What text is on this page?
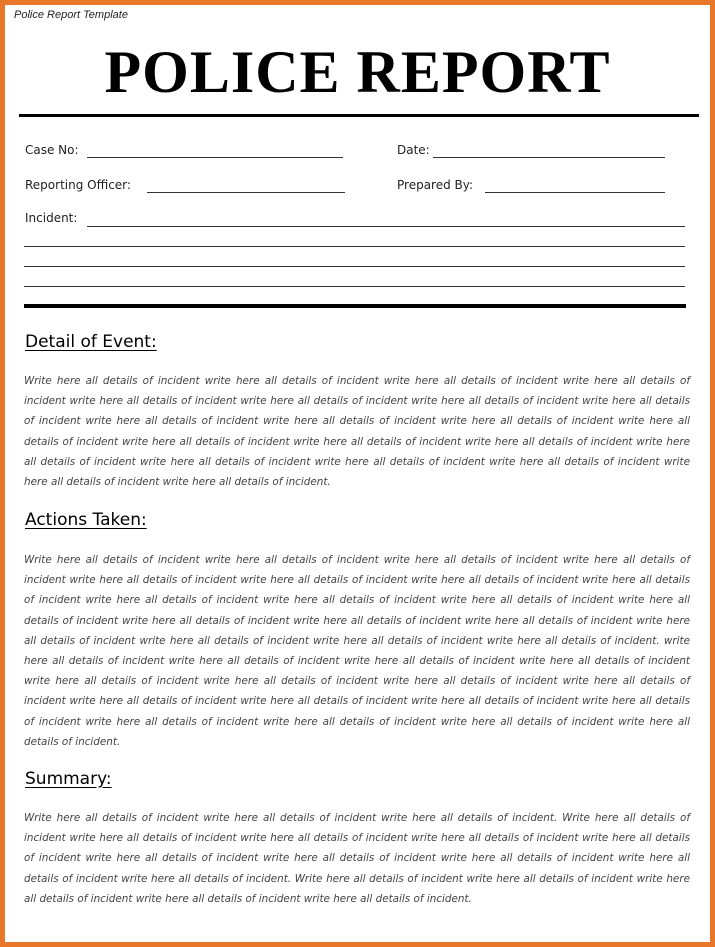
Police Report Template
POLICE REPORT
Case No:	Date:
Reporting Officer:	Prepared By:
Incident:
Detail of Event:

Write here all details of incident write here all details of incident write here all details of incident write here all details of incident write here all details of incident write here all details of incident write here all details of incident write here all details of incident write here all details of incident write here all details of incident write here all details of incident write here all details of incident write here all details of incident write here all details of incident write here all details of incident write here all details of incident write here all details of incident write here all details of incident write here all details of incident write here all details of incident write here all details of incident.

Actions Taken:

Write here all details of incident write here all details of incident write here all details of incident write here all details of incident write here all details of incident write here all details of incident write here all details of incident write here all details of incident write here all details of incident write here all details of incident write here all details of incident write here all details of incident write here all details of incident write here all details of incident write here all details of incident write here all details of incident write here all details of incident write here all details of incident write here all details of incident. write here all details of incident write here all details of incident write here all details of incident write here all details of incident write here all details of incident write here all details of incident write here all details of incident write here all details of incident write here all details of incident write here all details of incident write here all details of incident write here all details of incident write here all details of incident write here all details of incident write here all details of incident write here all details of incident.

Summary:

Write here all details of incident write here all details of incident write here all details of incident. Write here all details of incident write here all details of incident write here all details of incident write here all details of incident write here all details of incident write here all details of incident write here all details of incident write here all details of incident write here all details of incident write here all details of incident. Write here all details of incident write here all details of incident write here all details of incident write here all details of incident write here all details of incident.
